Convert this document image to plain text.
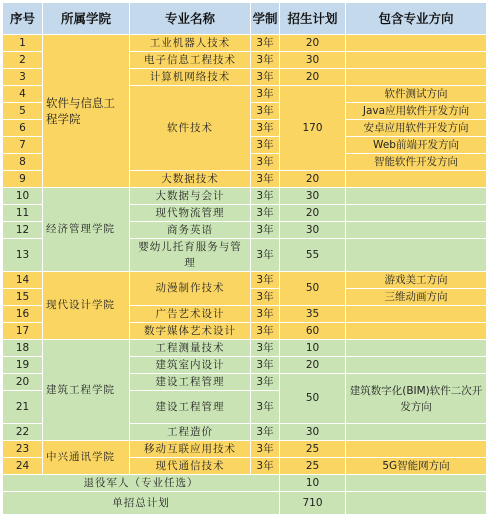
序号	所属学院	专业名称	学制	招生计划	包含专业方向
1	软件与信息工程学院	工业机器人技术	3年	20	
2		电子信息工程技术	3年	30	
3		计算机网络技术	3年	20	
4		软件技术	3年	170	软件测试方向
5			3年		Java应用软件开发方向
6			3年		安卓应用软件开发方向
7			3年		Web前端开发方向
8			3年		智能软件开发方向
9		大数据技术	3年	20	
10	经济管理学院	大数据与会计	3年	30	
11		现代物流管理	3年	20	
12		商务英语	3年	30	
13		婴幼儿托育服务与管理	3年	55	
14	现代设计学院	动漫制作技术	3年	50	游戏美工方向
15			3年		三维动画方向
16		广告艺术设计	3年	35	
17		数字媒体艺术设计	3年	60	
18	建筑工程学院	工程测量技术	3年	10	
19		建筑室内设计	3年	20	
20		建设工程管理	3年	50	建筑数字化(BIM)软件二次开发方向
21		建设工程管理	3年		
22		工程造价	3年	30	
23	中兴通讯学院	移动互联应用技术	3年	25	
24		现代通信技术	3年	25	5G智能网方向
退役军人（专业任选）				10	
单招总计划				710	
